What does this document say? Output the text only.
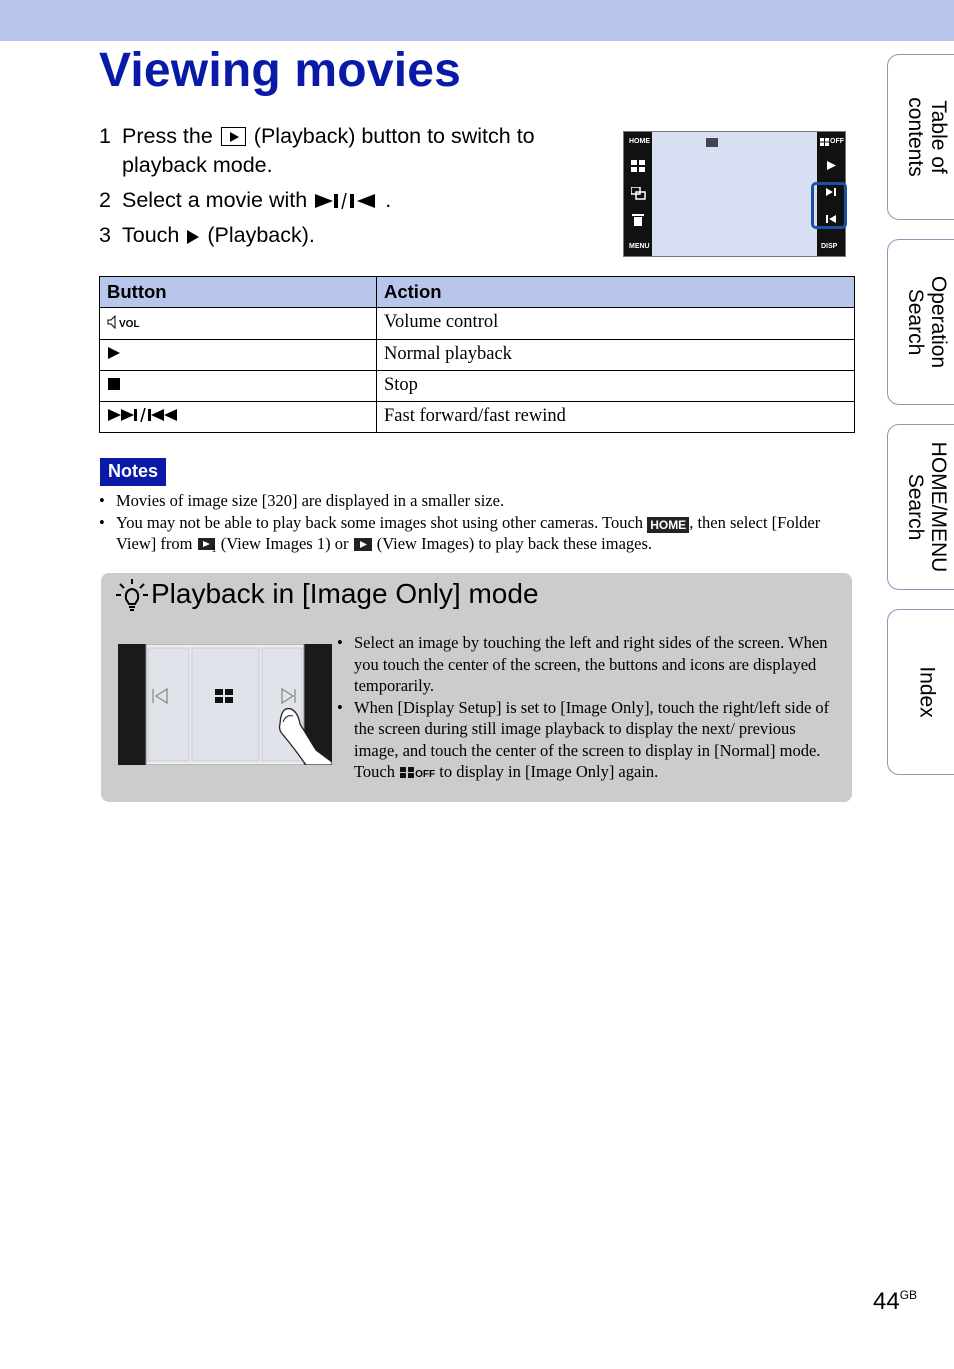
Viewing movies
1 Press the (Playback) button to switch to playback mode.
2 Select a movie with	.
3 Touch (Playback).
HOME
MENU
OFF
DISP
Button	Action
VOL	Volume control
	Normal playback
	Stop
	Fast forward/fast rewind
Notes
• Movies of image size [320] are displayed in a smaller size.
• You may not be able to play back some images shot using other cameras. Touch HOME , then select [Folder View] from	1 (View Images 1) or (View Images) to play back these images.
Playback in [Image Only] mode
• Select an image by touching the left and right sides of the screen. When you touch the center of the screen, the buttons and icons are displayed temporarily.
• When [Display Setup] is set to [Image Only], touch the right/left side of the screen during still image playback to display the next/ previous image, and touch the center of the screen to display in [Normal] mode. Touch OFF to display in [Image Only] again.
Table of
contents
Operation
Search
HOME/MENU
Search
Index
$44^{GB}$
